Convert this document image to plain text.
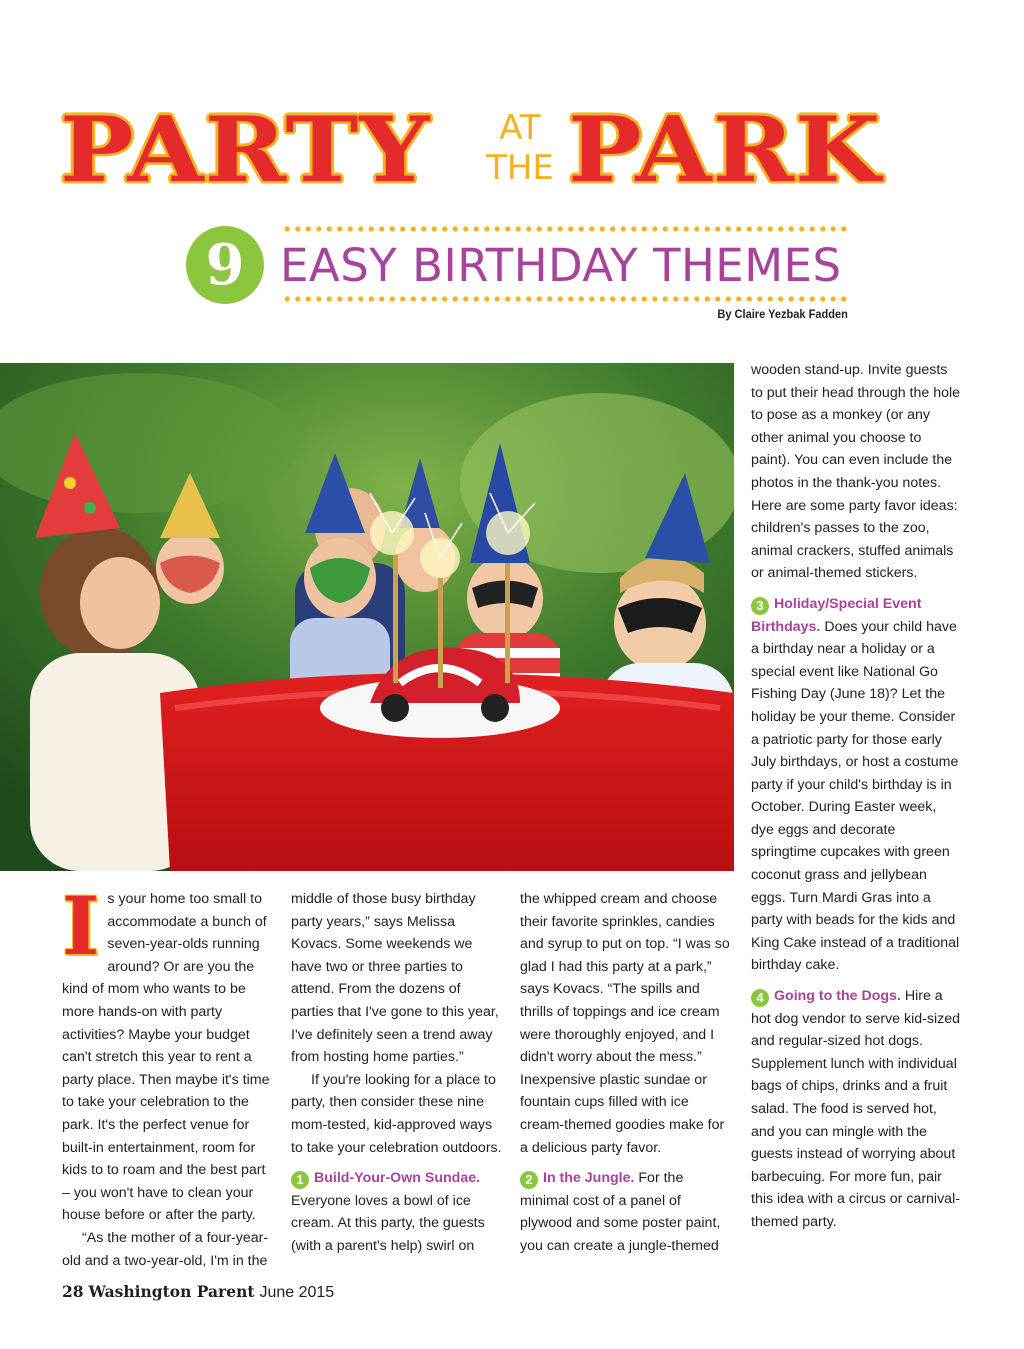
PARTY	AT
THE PARK
9 EASY BIRTHDAY THEMES
By Claire Yezbak Fadden
I s your home too small to accommodate a bunch of seven-year-olds running around? Or are you the kind of mom who wants to be more hands-on with party activities? Maybe your budget can't stretch this year to rent a party place. Then maybe it's time to take your celebration to the park. It's the perfect venue for built-in entertainment, room for kids to to roam and the best part – you won't have to clean your house before or after the party.

“As the mother of a four-year-old and a two-year-old, I'm in the

middle of those busy birthday party years,” says Melissa Kovacs. Some weekends we have two or three parties to attend. From the dozens of parties that I've gone to this year, I've definitely seen a trend away from hosting home parties.”

If you're looking for a place to party, then consider these nine mom-tested, kid-approved ways to take your celebration outdoors.

1 Build-Your-Own Sundae.
Everyone loves a bowl of ice cream. At this party, the guests (with a parent's help) swirl on

the whipped cream and choose their favorite sprinkles, candies and syrup to put on top. “I was so glad I had this party at a park,” says Kovacs. “The spills and thrills of toppings and ice cream were thoroughly enjoyed, and I didn't worry about the mess.” Inexpensive plastic sundae or fountain cups filled with ice cream-themed goodies make for a delicious party favor.

2 In the Jungle. For the minimal cost of a panel of plywood and some poster paint, you can create a jungle-themed

wooden stand-up. Invite guests to put their head through the hole to pose as a monkey (or any other animal you choose to paint). You can even include the photos in the thank-you notes. Here are some party favor ideas: children's passes to the zoo, animal crackers, stuffed animals or animal-themed stickers.

3 Holiday/Special Event Birthdays. Does your child have a birthday near a holiday or a special event like National Go Fishing Day (June 18)? Let the holiday be your theme. Consider a patriotic party for those early July birthdays, or host a costume party if your child's birthday is in October. During Easter week, dye eggs and decorate springtime cupcakes with green coconut grass and jellybean eggs. Turn Mardi Gras into a party with beads for the kids and King Cake instead of a traditional birthday cake.

4 Going to the Dogs. Hire a hot dog vendor to serve kid-sized and regular-sized hot dogs. Supplement lunch with individual bags of chips, drinks and a fruit salad. The food is served hot, and you can mingle with the guests instead of worrying about barbecuing. For more fun, pair this idea with a circus or carnival-themed party.

28 Washington Parent June 2015
